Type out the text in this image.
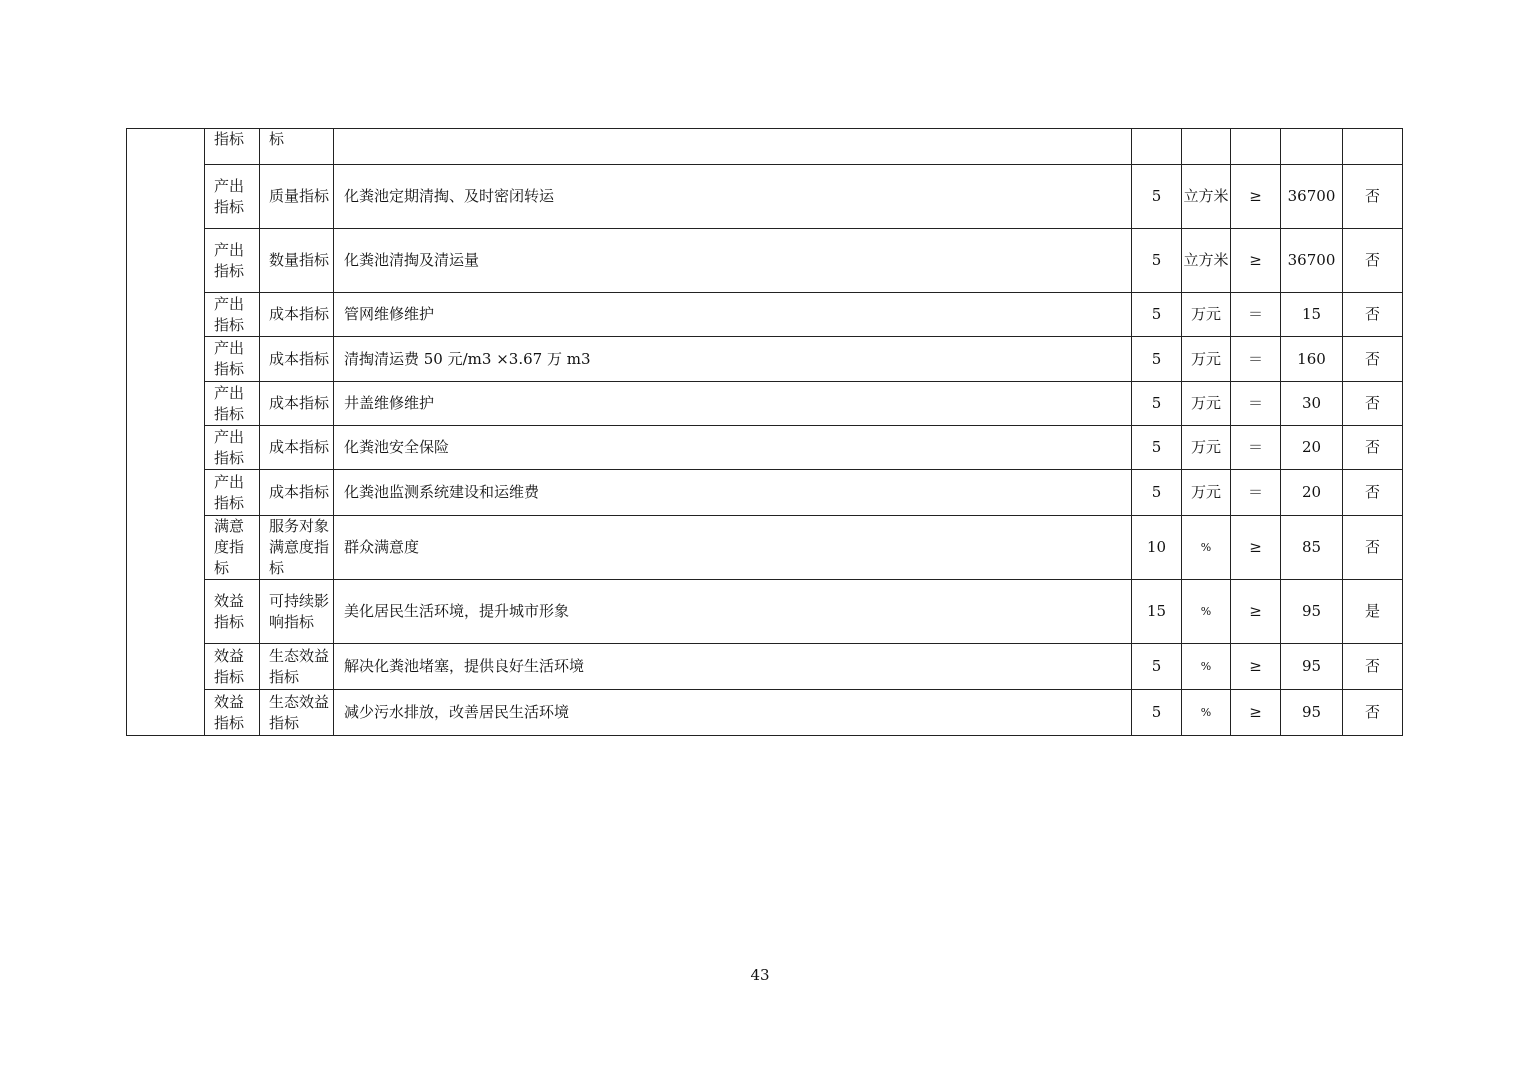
	指标	标						

	产出指标	质量指标	化粪池定期清掏、及时密闭转运	5	立方米	≥	36700	否

	产出指标	数量指标	化粪池清掏及清运量	5	立方米	≥	36700	否

	产出指标	成本指标	管网维修维护	5	万元	＝	15	否

	产出指标	成本指标	清掏清运费 50 元/m3 ×3.67 万 m3	5	万元	＝	160	否

	产出指标	成本指标	井盖维修维护	5	万元	＝	30	否

	产出指标	成本指标	化粪池安全保险	5	万元	＝	20	否

	产出指标	成本指标	化粪池监测系统建设和运维费	5	万元	＝	20	否

	满意度指标	服务对象满意度指标	群众满意度	10	%	≥	85	否

	效益指标	可持续影响指标	美化居民生活环境，提升城市形象	15	%	≥	95	是

	效益指标	生态效益指标	解决化粪池堵塞，提供良好生活环境	5	%	≥	95	否

	效益指标	生态效益指标	减少污水排放，改善居民生活环境	5	%	≥	95	否
43
